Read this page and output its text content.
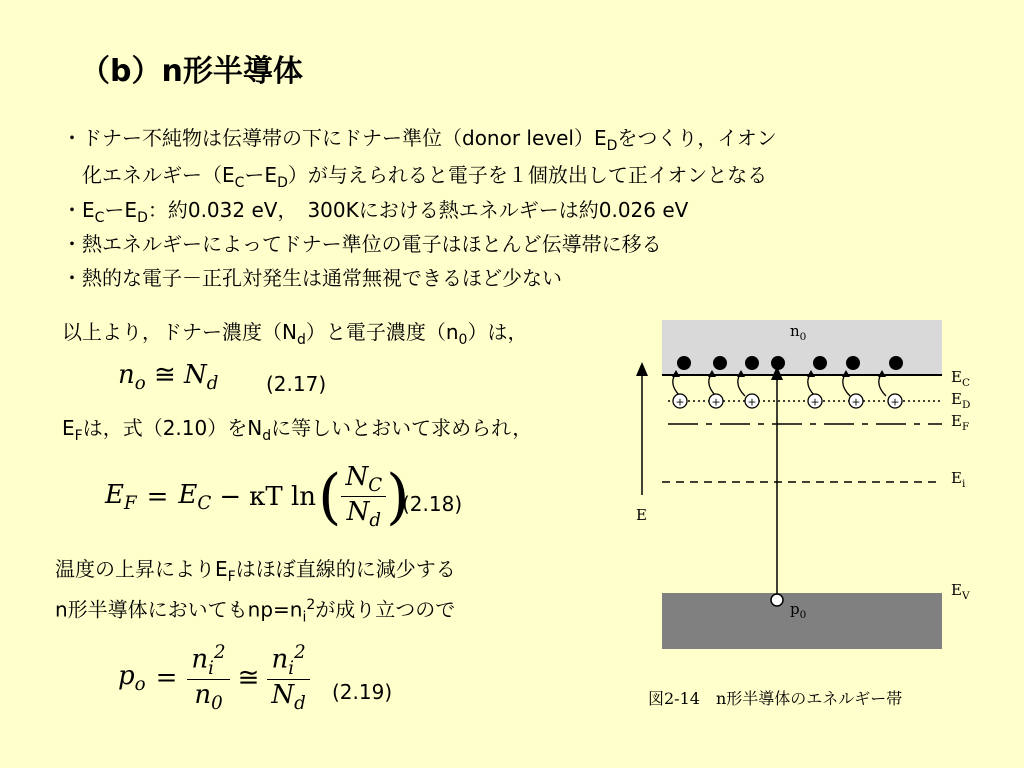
（b）n形半導体
・ドナー不純物は伝導帯の下にドナー準位（donor $level)E_D$をつくり，イオン
化エネルギー（$E_C$ー$E_D$）が与えられると電子を１個放出して正イオンとなる
・$E_C$ー$E_D$：約0.032 eV，　300Kにおける熱エネルギーは約0.026 eV
・熱エネルギーによってドナー準位の電子はほとんど伝導帯に移る
・熱的な電子－正孔対発生は通常無視できるほど少ない
以上より，ドナー濃度$(N_d)$と電子濃度$(n_0)$は，
$n_o$ ≅ $N_d$ (2.17)
$E_F$は，式（2.10）を$N_d$に等しいとおいて求められ，
$E_F = E_C - \kappa T$ ln ( $\frac{N_C}{N_d}$ )
(2.18)
温度の上昇により$E_F$はほぼ直線的に減少する
n形半導体においても$np=n_i^2$が成り立つので
$p_o = \frac{n_i^2}{n_0}$ ≅ $\frac{n_i^2}{N_d} (2.19)$
+ + +	+	+	+
$n_0$
$p_0$
E
$E_C$
$E_D$
$E_F$
$E_i$
$E_V$
図2-14　n形半導体のエネルギー帯
